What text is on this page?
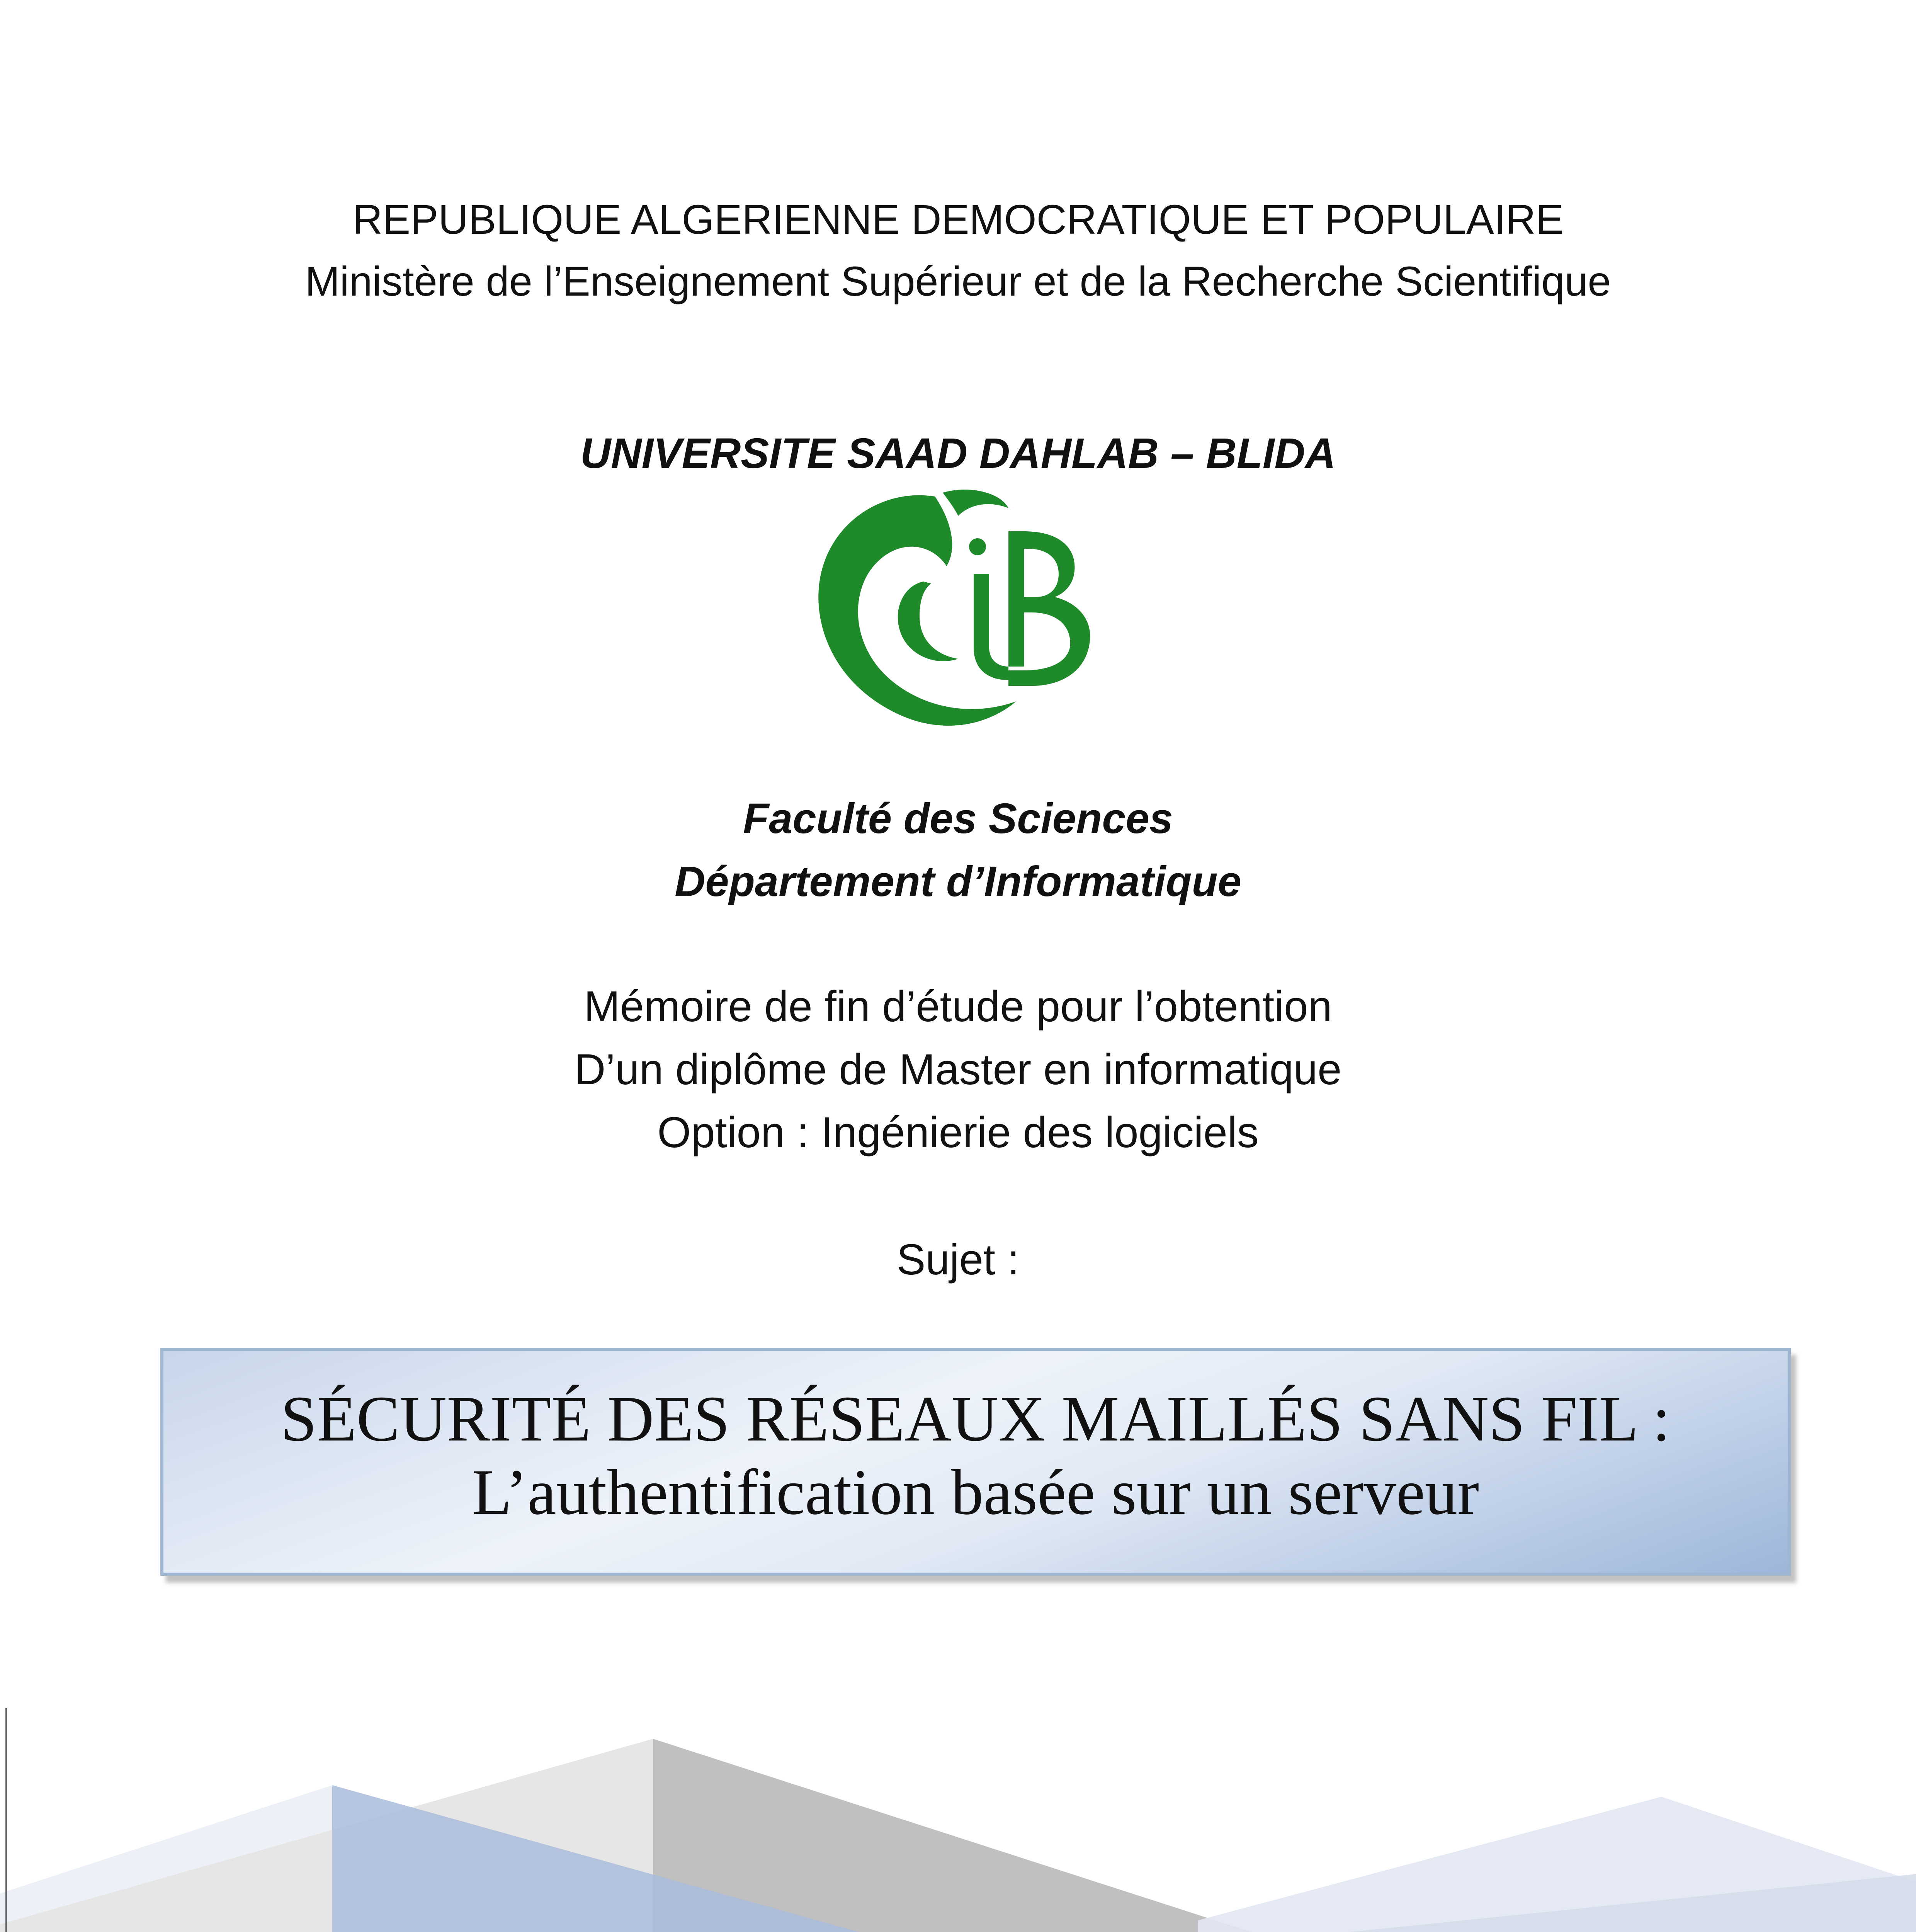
REPUBLIQUE ALGERIENNE DEMOCRATIQUE ET POPULAIRE
Ministère de l’Enseignement Supérieur et de la Recherche Scientifique
UNIVERSITE SAAD DAHLAB – BLIDA
Faculté des Sciences
Département d’Informatique
Mémoire de fin d’étude pour l’obtention
D’un diplôme de Master en informatique
Option : Ingénierie des logiciels
Sujet :
SÉCURITÉ DES RÉSEAUX MAILLÉS SANS FIL :
L’authentification basée sur un serveur
